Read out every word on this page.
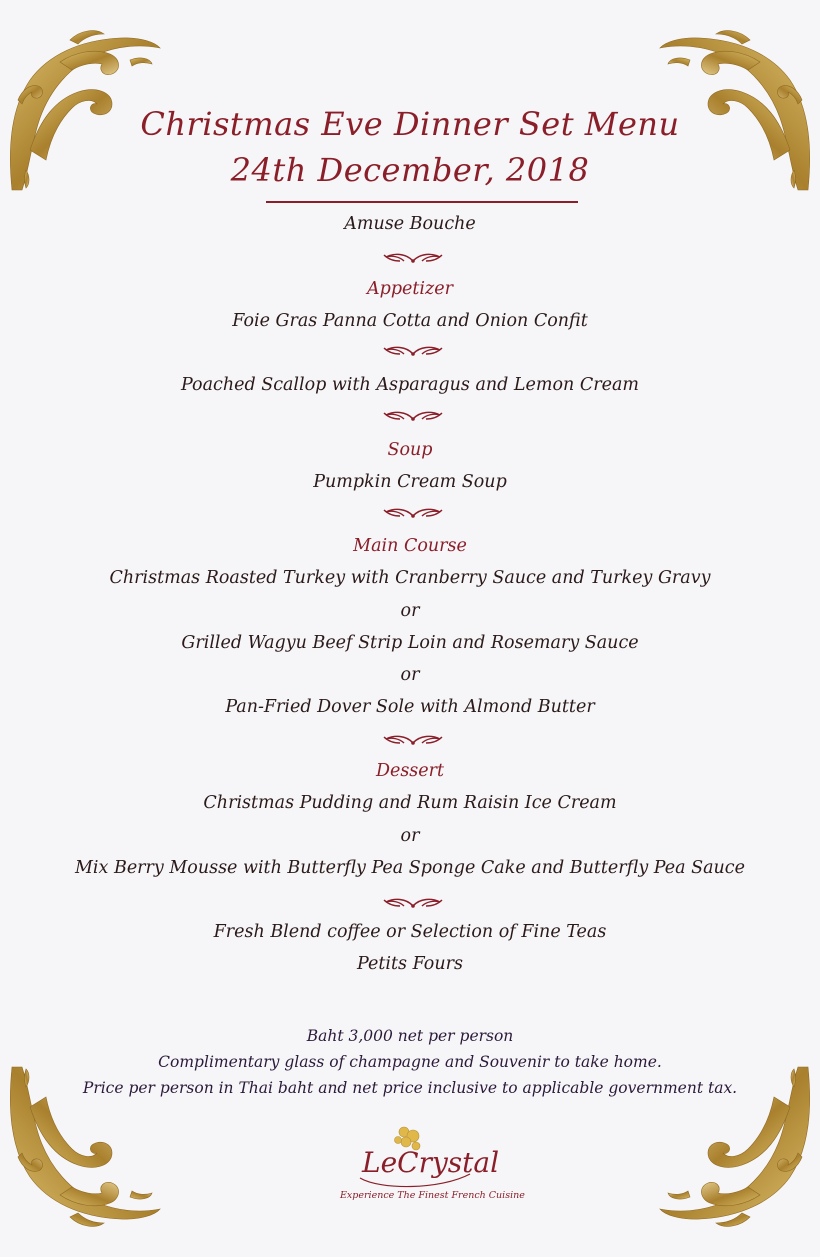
Christmas Eve Dinner Set Menu
24th December, 2018
Amuse Bouche
Appetizer
Foie Gras Panna Cotta and Onion Confit
Poached Scallop with Asparagus and Lemon Cream
Soup
Pumpkin Cream Soup
Main Course
Christmas Roasted Turkey with Cranberry Sauce and Turkey Gravy
or
Grilled Wagyu Beef Strip Loin and Rosemary Sauce
or
Pan-Fried Dover Sole with Almond Butter
Dessert
Christmas Pudding and Rum Raisin Ice Cream
or
Mix Berry Mousse with Butterfly Pea Sponge Cake and Butterfly Pea Sauce
Fresh Blend coffee or Selection of Fine Teas
Petits Fours
Baht 3,000 net per person
Complimentary glass of champagne and Souvenir to take home.
Price per person in Thai baht and net price inclusive to applicable government tax.
LeCrystal
Experience The Finest French Cuisine
